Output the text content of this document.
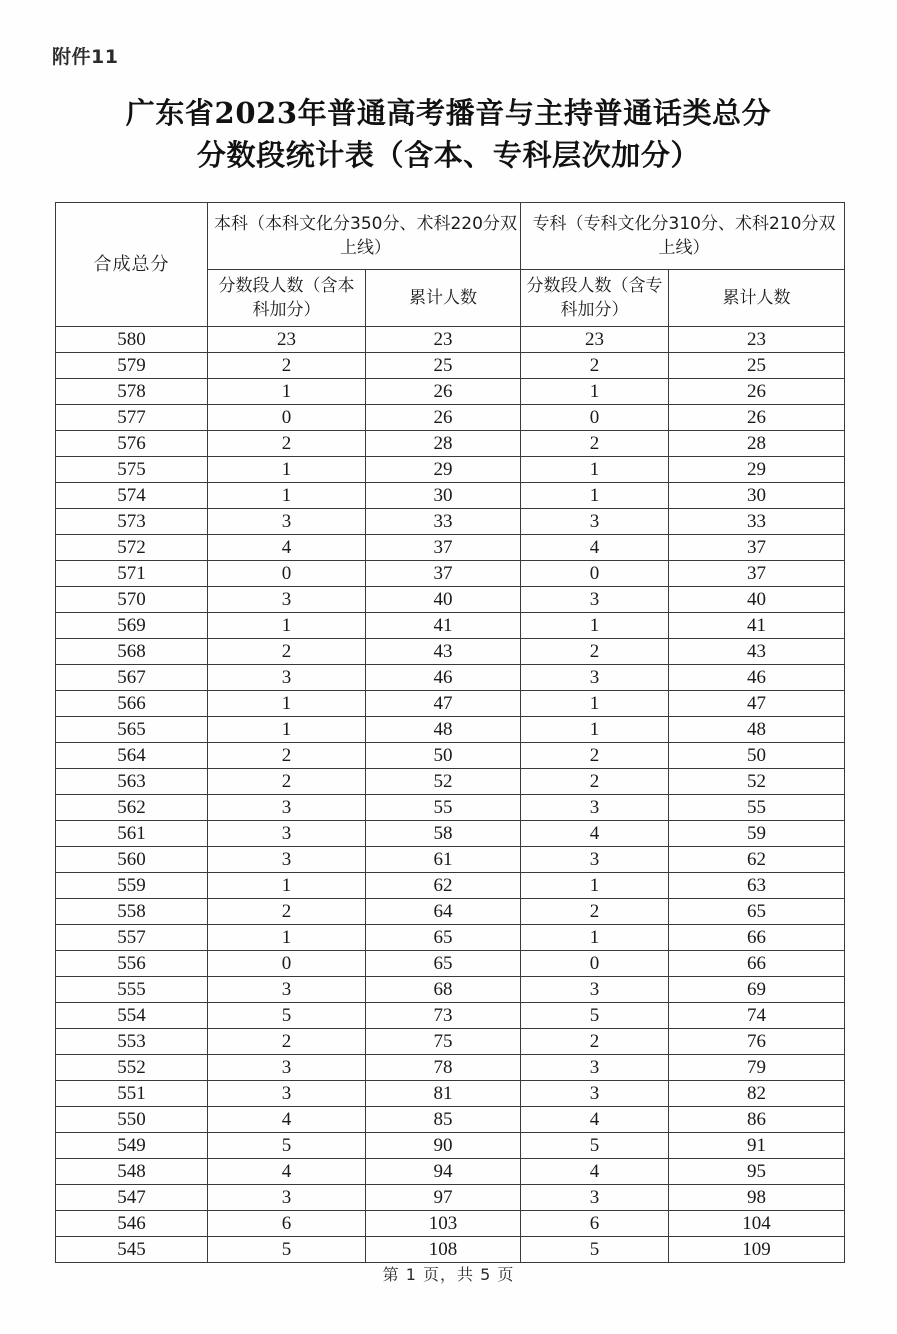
附件11
广东省2023年普通高考播音与主持普通话类总分
分数段统计表（含本、专科层次加分）
合成总分	本科（本科文化分350分、术科220分双上线）		专科（专科文化分310分、术科210分双上线）	
	分数段人数（含本科加分）	累计人数	分数段人数（含专科加分）	累计人数
580	23	23	23	23
579	2	25	2	25
578	1	26	1	26
577	0	26	0	26
576	2	28	2	28
575	1	29	1	29
574	1	30	1	30
573	3	33	3	33
572	4	37	4	37
571	0	37	0	37
570	3	40	3	40
569	1	41	1	41
568	2	43	2	43
567	3	46	3	46
566	1	47	1	47
565	1	48	1	48
564	2	50	2	50
563	2	52	2	52
562	3	55	3	55
561	3	58	4	59
560	3	61	3	62
559	1	62	1	63
558	2	64	2	65
557	1	65	1	66
556	0	65	0	66
555	3	68	3	69
554	5	73	5	74
553	2	75	2	76
552	3	78	3	79
551	3	81	3	82
550	4	85	4	86
549	5	90	5	91
548	4	94	4	95
547	3	97	3	98
546	6	103	6	104
545	5	108	5	109
第 1 页，共 5 页
